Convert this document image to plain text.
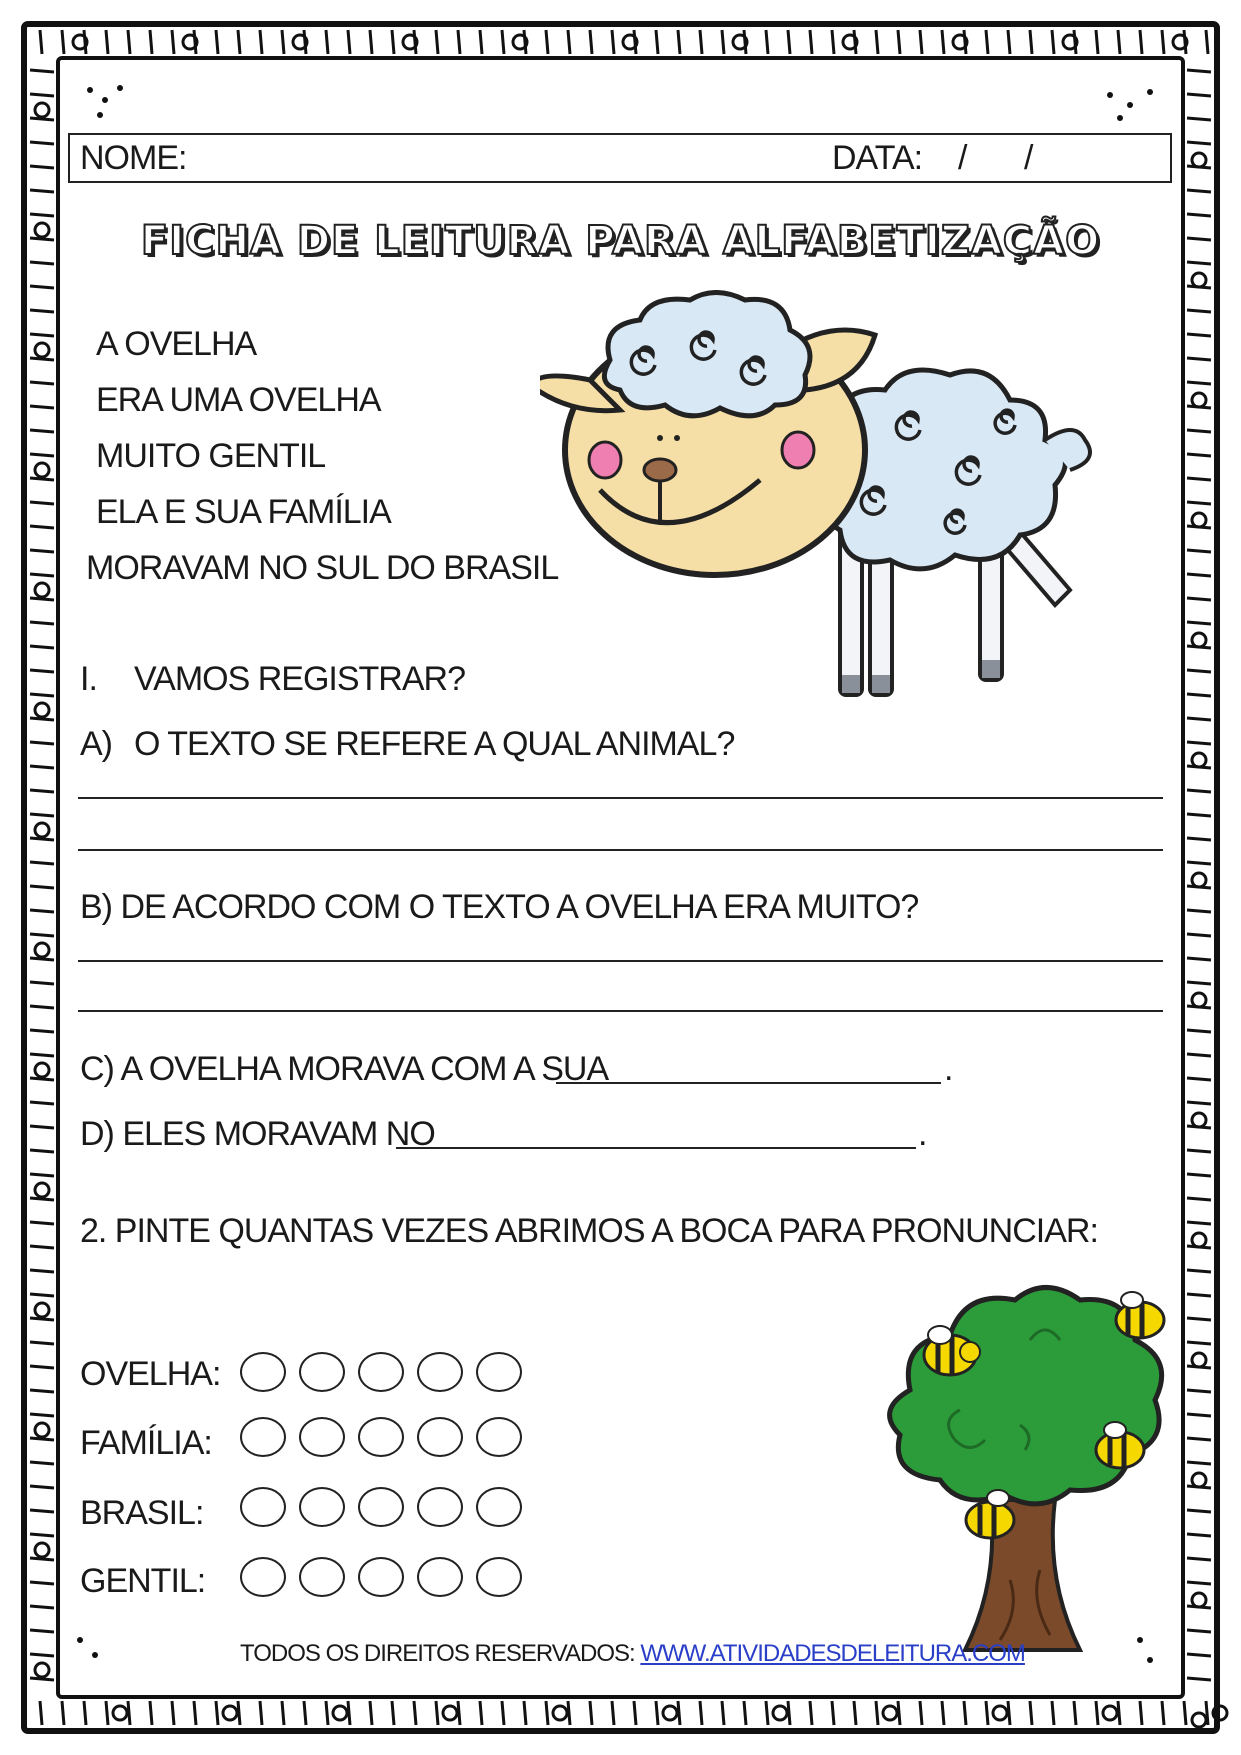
NOME:	DATA: / /
FICHA DE LEITURA PARA ALFABETIZAÇÃO
A OVELHA
ERA UMA OVELHA
MUITO GENTIL
ELA E SUA FAMÍLIA
MORAVAM NO SUL DO BRASIL
I. VAMOS REGISTRAR?
A) O TEXTO SE REFERE A QUAL ANIMAL?
B) DE ACORDO COM O TEXTO A OVELHA ERA MUITO?
C) A OVELHA MORAVA COM A SUA	.
D) ELES MORAVAM NO	.
2. PINTE QUANTAS VEZES ABRIMOS A BOCA PARA PRONUNCIAR:
OVELHA:
FAMÍLIA:
BRASIL:
GENTIL:
TODOS OS DIREITOS RESERVADOS: WWW.ATIVIDADESDELEITURA.COM
